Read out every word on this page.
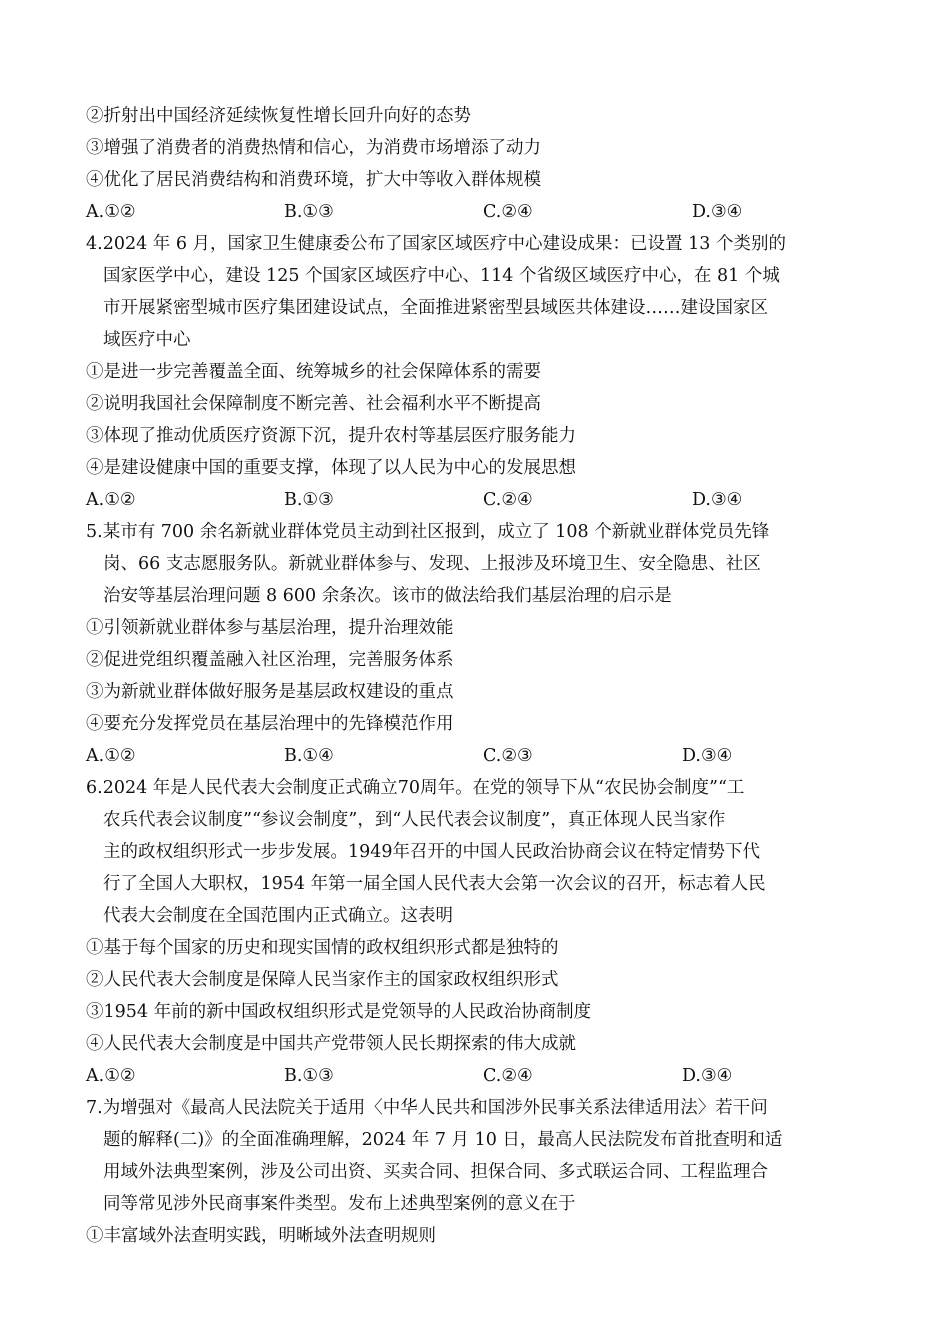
②折射出中国经济延续恢复性增长回升向好的态势
③增强了消费者的消费热情和信心，为消费市场增添了动力
④优化了居民消费结构和消费环境，扩大中等收入群体规模
A.①②	B.①③	C.②④	D.③④
4.2024 年 6 月，国家卫生健康委公布了国家区域医疗中心建设成果：已设置 13 个类别的
国家医学中心，建设 125 个国家区域医疗中心、114 个省级区域医疗中心，在 81 个城
市开展紧密型城市医疗集团建设试点，全面推进紧密型县域医共体建设……建设国家区
域医疗中心
①是进一步完善覆盖全面、统筹城乡的社会保障体系的需要
②说明我国社会保障制度不断完善、社会福利水平不断提高
③体现了推动优质医疗资源下沉，提升农村等基层医疗服务能力
④是建设健康中国的重要支撑，体现了以人民为中心的发展思想
A.①②	B.①③	C.②④	D.③④
5.某市有 700 余名新就业群体党员主动到社区报到，成立了 108 个新就业群体党员先锋
岗、66 支志愿服务队。新就业群体参与、发现、上报涉及环境卫生、安全隐患、社区
治安等基层治理问题 8 600 余条次。该市的做法给我们基层治理的启示是
①引领新就业群体参与基层治理，提升治理效能
②促进党组织覆盖融入社区治理，完善服务体系
③为新就业群体做好服务是基层政权建设的重点
④要充分发挥党员在基层治理中的先锋模范作用
A.①②	B.①④	C.②③	D.③④
6.2024 年是人民代表大会制度正式确立70周年。在党的领导下从“农民协会制度”“工
农兵代表会议制度”“参议会制度”，到“人民代表会议制度”，真正体现人民当家作
主的政权组织形式一步步发展。1949年召开的中国人民政治协商会议在特定情势下代
行了全国人大职权，1954 年第一届全国人民代表大会第一次会议的召开，标志着人民
代表大会制度在全国范围内正式确立。这表明
①基于每个国家的历史和现实国情的政权组织形式都是独特的
②人民代表大会制度是保障人民当家作主的国家政权组织形式
③1954 年前的新中国政权组织形式是党领导的人民政治协商制度
④人民代表大会制度是中国共产党带领人民长期探索的伟大成就
A.①②	B.①③	C.②④	D.③④
7.为增强对《最高人民法院关于适用〈中华人民共和国涉外民事关系法律适用法〉若干问
题的解释(二)》的全面准确理解，2024 年 7 月 10 日，最高人民法院发布首批查明和适
用域外法典型案例，涉及公司出资、买卖合同、担保合同、多式联运合同、工程监理合
同等常见涉外民商事案件类型。发布上述典型案例的意义在于
①丰富域外法查明实践，明晰域外法查明规则
